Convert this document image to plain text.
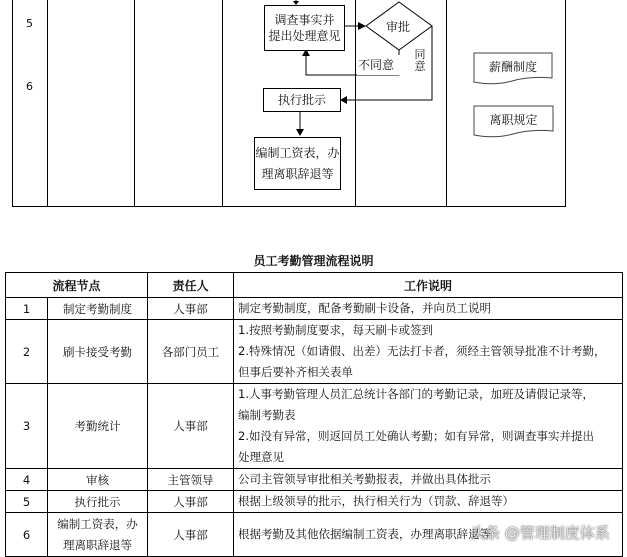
5
6
调查事实并
提出处理意见
审批
不同意
同
意
执行批示
编制工资表，办
理离职辞退等
薪酬制度
离职规定
员工考勤管理流程说明
流程节点		责任人	工作说明
1	制定考勤制度	人事部	制定考勤制度，配备考勤刷卡设备，并向员工说明

2	刷卡接受考勤	各部门员工	1.按照考勤制度要求，每天刷卡或签到
2.特殊情况（如请假、出差）无法打卡者，须经主管领导批准不计考勤，
但事后要补齐相关表单

3	考勤统计	人事部	1.人事考勤管理人员汇总统计各部门的考勤记录，加班及请假记录等，
编制考勤表
2.如没有异常，则返回员工处确认考勤；如有异常，则调查事实并提出
处理意见

4	审核	主管领导	公司主管领导审批相关考勤报表，并做出具体批示

5	执行批示	人事部	根据上级领导的批示，执行相关行为（罚款、辞退等）

6	编制工资表，办
理离职辞退等	人事部	根据考勤及其他依据编制工资表，办理离职辞退等
头条 @管理制度体系
